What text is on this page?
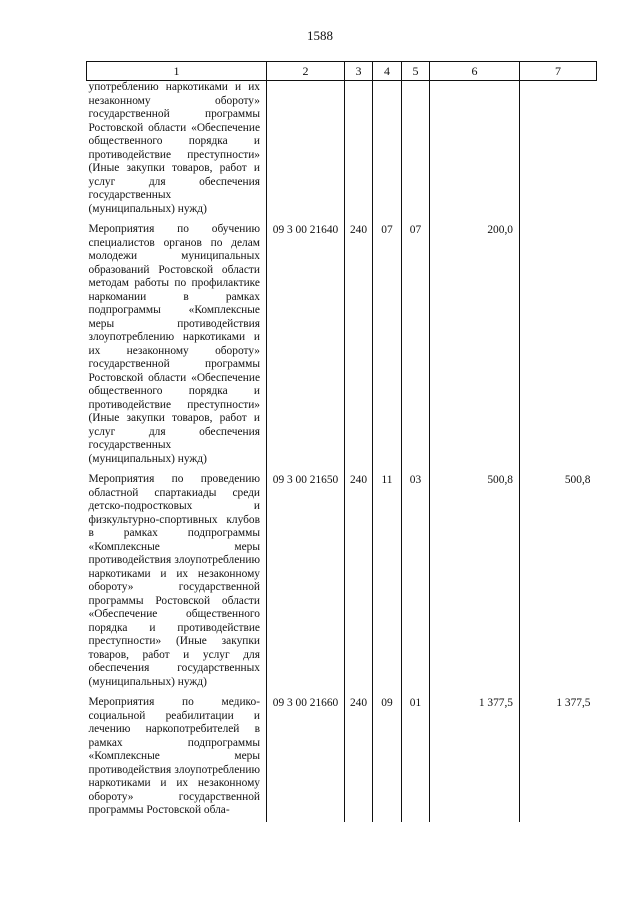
1588
1	2	3	4	5	6	7

употреблению наркотиками и их незаконному обороту» государственной программы Ростовской области «Обеспечение общественного порядка и противодействие преступности» (Иные закупки товаров, работ и услуг для обеспечения государственных (муниципальных) нужд)						

Мероприятия по обучению специалистов органов по делам молодежи муниципальных образований Ростовской области методам работы по профилактике наркомании в рамках подпрограммы «Комплексные меры противодействия злоупотреблению наркотиками и их незаконному обороту» государственной программы Ростовской области «Обеспечение общественного порядка и противодействие преступности» (Иные закупки товаров, работ и услуг для обеспечения государственных (муниципальных) нужд)	09 3 00 21640	240	07	07	200,0	

Мероприятия по проведению областной спартакиады среди детско-подростковых и физкультурно-спортивных клубов в рамках подпрограммы «Комплексные меры противодействия злоупотреблению наркотиками и их незаконному обороту» государственной программы Ростовской области «Обеспечение общественного порядка и противодействие преступности» (Иные закупки товаров, работ и услуг для обеспечения государственных (муниципальных) нужд)	09 3 00 21650	240	11	03	500,8	500,8

Мероприятия по медико-социальной реабилитации и лечению наркопотребителей в рамках подпрограммы «Комплексные меры противодействия злоупотреблению наркотиками и их незаконному обороту» государственной программы Ростовской обла-	09 3 00 21660	240	09	01	1 377,5	1 377,5
